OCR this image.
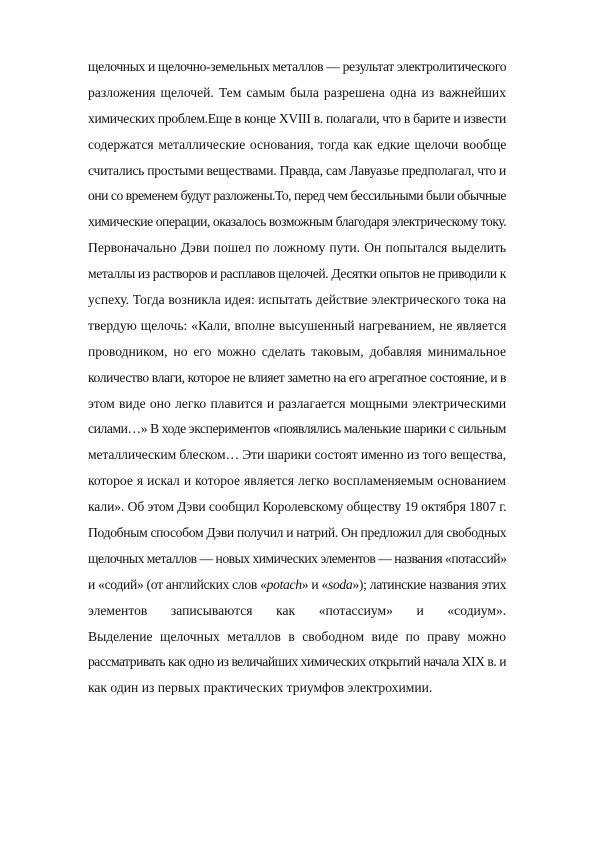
щелочных и щелочно-земельных металлов — результат электролитического
разложения щелочей. Тем самым была разрешена одна из важнейших
химических проблем.Еще в конце XVIII в. полагали, что в барите и извести
содержатся металлические основания, тогда как едкие щелочи вообще
считались простыми веществами. Правда, сам Лавуазье предполагал, что и
они со временем будут разложены.То, перед чем бессильными были обычные
химические операции, оказалось возможным благодаря электрическому току.
Первоначально Дэви пошел по ложному пути. Он попытался выделить
металлы из растворов и расплавов щелочей. Десятки опытов не приводили к
успеху. Тогда возникла идея: испытать действие электрического тока на
твердую щелочь: «Кали, вполне высушенный нагреванием, не является
проводником, но его можно сделать таковым, добавляя минимальное
количество влаги, которое не влияет заметно на его агрегатное состояние, и в
этом виде оно легко плавится и разлагается мощными электрическими
силами…» В ходе экспериментов «появлялись маленькие шарики с сильным
металлическим блеском… Эти шарики состоят именно из того вещества,
которое я искал и которое является легко воспламеняемым основанием
кали». Об этом Дэви сообщил Королевскому обществу 19 октября 1807 г.
Подобным способом Дэви получил и натрий. Он предложил для свободных
щелочных металлов — новых химических элементов — названия «потассий»
и «содий» (от английских слов «potach» и «soda»); латинские названия этих
элементов записываются как «потассиум» и «содиум».
Выделение щелочных металлов в свободном виде по праву можно
рассматривать как одно из величайших химических открытий начала XIX в. и
как один из первых практических триумфов электрохимии.
